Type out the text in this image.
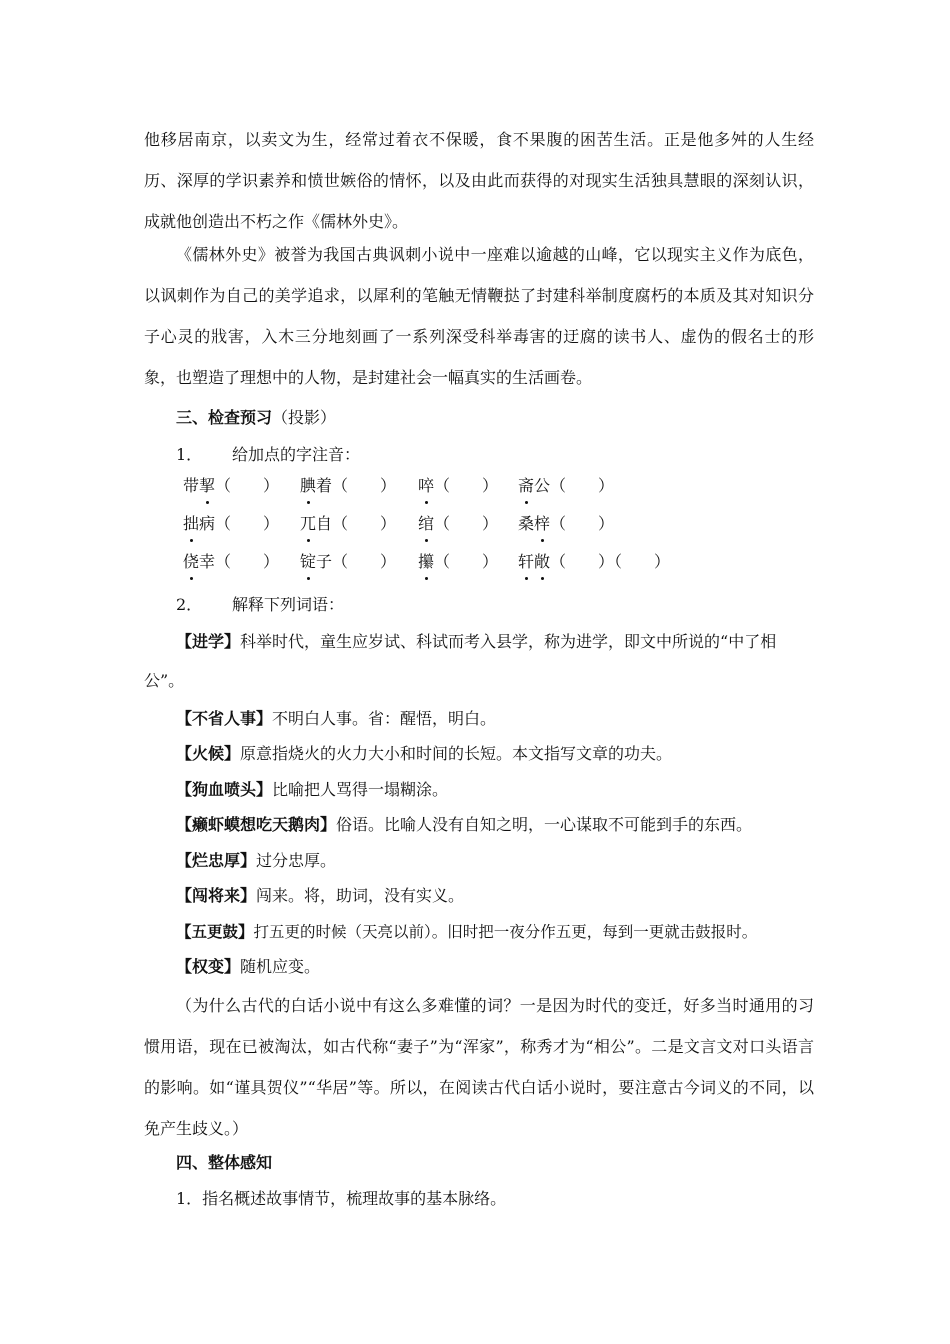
他移居南京，以卖文为生，经常过着衣不保暖，食不果腹的困苦生活。正是他多舛的人生经历、深厚的学识素养和愤世嫉俗的情怀，以及由此而获得的对现实生活独具慧眼的深刻认识，成就他创造出不朽之作《儒林外史》。

《儒林外史》被誉为我国古典讽刺小说中一座难以逾越的山峰，它以现实主义作为底色，以讽刺作为自己的美学追求，以犀利的笔触无情鞭挞了封建科举制度腐朽的本质及其对知识分子心灵的戕害，入木三分地刻画了一系列深受科举毒害的迂腐的读书人、虚伪的假名士的形象，也塑造了理想中的人物，是封建社会一幅真实的生活画卷。

三、检查预习（投影）

1． 给加点的字注音：

带挈（　　） 腆着（　　） 啐（　　） 斋公（　　）
拙病（　　） 兀自（　　） 绾（　　） 桑梓（　　）
侥幸（　　） 锭子（　　） 攥（　　） 轩敞（　　）（　　）

2． 解释下列词语：

【进学】科举时代，童生应岁试、科试而考入县学，称为进学，即文中所说的“中了相公”。

【不省人事】不明白人事。省：醒悟，明白。

【火候】原意指烧火的火力大小和时间的长短。本文指写文章的功夫。

【狗血喷头】比喻把人骂得一塌糊涂。

【癞虾蟆想吃天鹅肉】俗语。比喻人没有自知之明，一心谋取不可能到手的东西。

【烂忠厚】过分忠厚。

【闯将来】闯来。将，助词，没有实义。

【五更鼓】打五更的时候（天亮以前）。旧时把一夜分作五更，每到一更就击鼓报时。

【权变】随机应变。

（为什么古代的白话小说中有这么多难懂的词？一是因为时代的变迁，好多当时通用的习惯用语，现在已被淘汰，如古代称“妻子”为“浑家”，称秀才为“相公”。二是文言文对口头语言的影响。如“谨具贺仪”“华居”等。所以，在阅读古代白话小说时，要注意古今词义的不同，以免产生歧义。）

四、整体感知

1．指名概述故事情节，梳理故事的基本脉络。
